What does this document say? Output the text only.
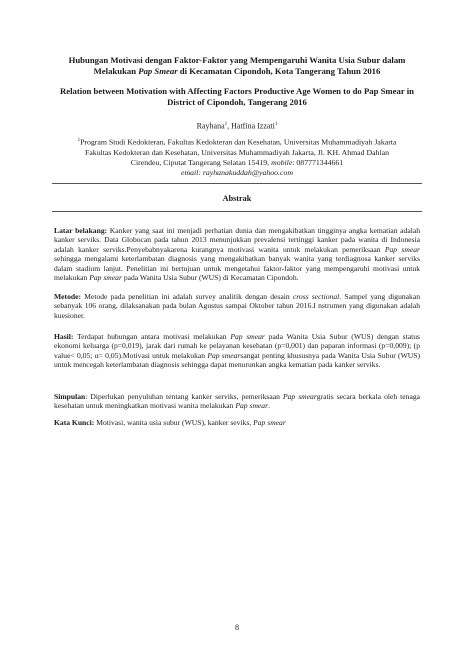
Hubungan Motivasi dengan Faktor-Faktor yang Mempengaruhi Wanita Usia Subur dalam
Melakukan Pap Smear di Kecamatan Cipondoh, Kota Tangerang Tahun 2016
Relation between Motivation with Affecting Factors Productive Age Women to do Pap Smear in
District of Cipondoh, Tangerang 2016
Rayhana$^1$, Hatfina Izzati$^1$
$^1$Program Studi Kedokteran, Fakultas Kedokteran dan Kesehatan, Universitas Muhammadiyah Jakarta
Fakultas Kedokteran dan Kesehatan, Universitas Muhammadiyah Jakarta, Jl. KH. Ahmad Dahlan
Cirendeu, Ciputat Tangerang Selatan 15419, mobile: 087771344661
email: rayhanakuddah@yahoo.com
Abstrak
Latar belakang: Kanker yang saat ini menjadi perhatian dunia dan mengakibatkan tingginya angka kematian adalah kanker serviks. Data Globocan pada tahun 2013 menunjukkan prevalensi tertinggi kanker pada wanita di Indonesia adalah kanker serviks.Penyebabnyakarena kurangnya motivasi wanita untuk melakukan pemeriksaan Pap smear sehingga mengalami keterlambatan diagnosis yang mengakibatkan banyak wanita yang terdiagnosa kanker serviks dalam stadium lanjut. Penelitian ini bertujuan untuk mengetahui faktor-faktor yang mempengaruhi motivasi untuk melakukan Pap smear pada Wanita Usia Subur (WUS) di Kecamatan Cipondoh.
Metode: Metode pada penelitian ini adalah survey analitik dengan desain cross sectional. Sampel yang digunakan sebanyak 106 orang, dilaksanakan pada bulan Agustus sampai Oktober tahun 2016.I nstrumen yang digunakan adalah kuesioner.
Hasil: Terdapat hubungan antara motivasi melakukan Pap smear pada Wanita Usia Subur (WUS) dengan status ekonomi keluarga (p=0,019), jarak dari rumah ke pelayanan kesehatan (p=0,001) dan paparan informasi (p=0,009); (p value< 0,05; α= 0,05).Motivasi untuk melakukan Pap smearsangat penting khususnya pada Wanita Usia Subur (WUS) untuk mencegah keterlambatan diagnosis sehingga dapat menurunkan angka kematian pada kanker serviks.
Simpulan: Diperlukan penyuluhan tentang kanker serviks, pemeriksaan Pap smeargratis secara berkala oleh tenaga kesehatan untuk meningkatkan motivasi wanita melakukan Pap smear.
Kata Kunci: Motivasi, wanita usia subur (WUS), kanker seviks, Pap smear
8
